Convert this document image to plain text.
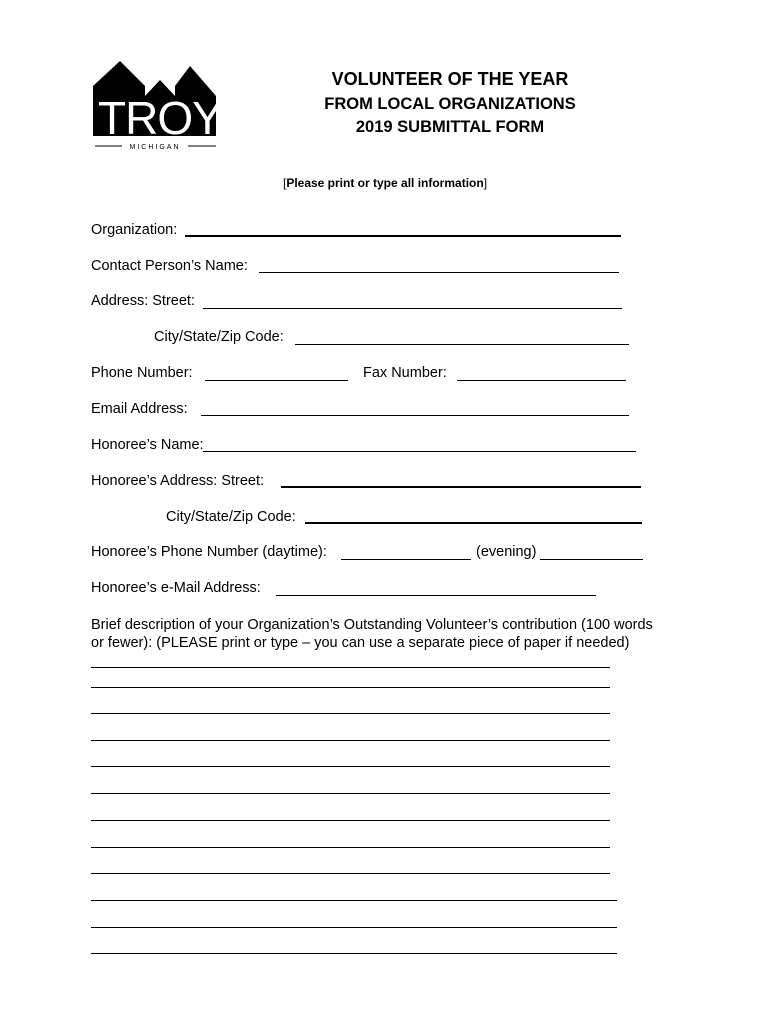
TROY
MICHIGAN
VOLUNTEER OF THE YEAR
FROM LOCAL ORGANIZATIONS
2019 SUBMITTAL FORM
[Please print or type all information]
Organization:
Contact Person’s Name:
Address: Street:
City/State/Zip Code:
Phone Number:	Fax Number:
Email Address:
Honoree’s Name:
Honoree’s Address: Street:
City/State/Zip Code:
Honoree’s Phone Number (daytime):	(evening)
Honoree’s e-Mail Address:
Brief description of your Organization’s Outstanding Volunteer’s contribution (100 words
or fewer): (PLEASE print or type – you can use a separate piece of paper if needed)
